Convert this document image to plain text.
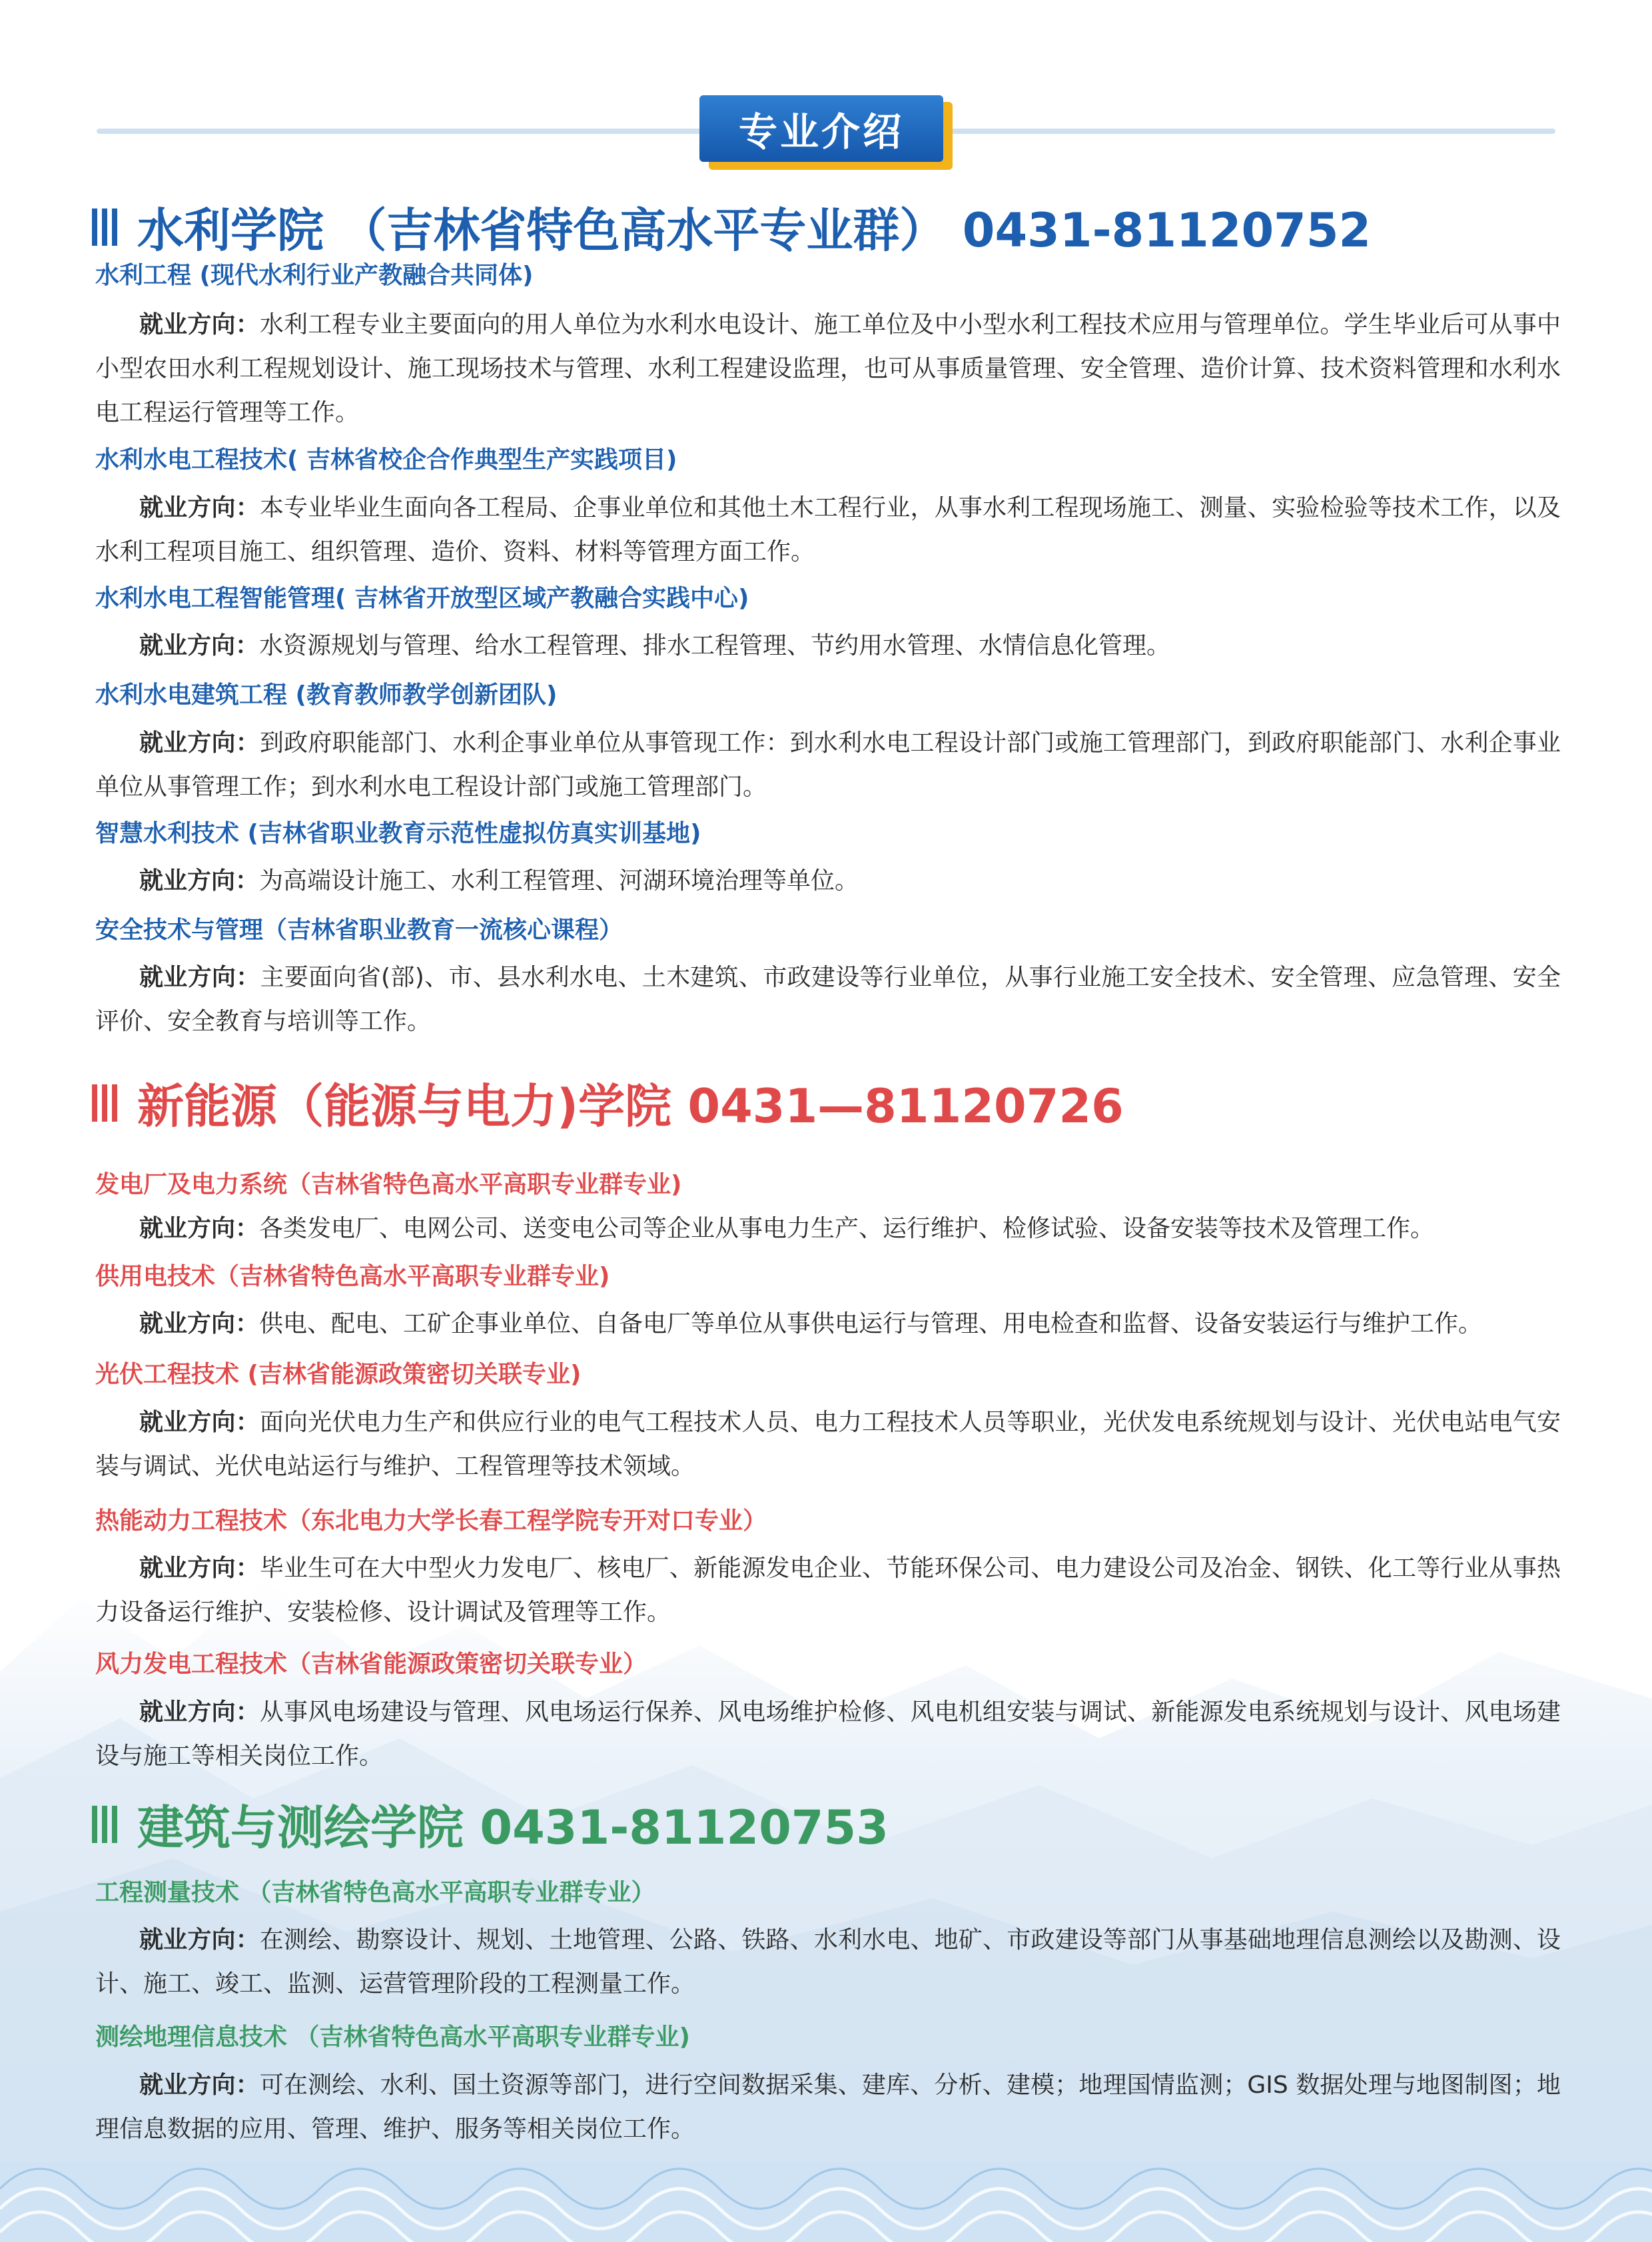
专业介绍
水利学院 （吉林省特色高水平专业群） 0431-81120752
水利工程 (现代水利行业产教融合共同体)
就业方向：水利工程专业主要面向的用人单位为水利水电设计、施工单位及中小型水利工程技术应用与管理单位。学生毕业后可从事中小型农田水利工程规划设计、施工现场技术与管理、水利工程建设监理，也可从事质量管理、安全管理、造价计算、技术资料管理和水利水电工程运行管理等工作。
水利水电工程技术( 吉林省校企合作典型生产实践项目)
就业方向：本专业毕业生面向各工程局、企事业单位和其他土木工程行业，从事水利工程现场施工、测量、实验检验等技术工作，以及水利工程项目施工、组织管理、造价、资料、材料等管理方面工作。
水利水电工程智能管理( 吉林省开放型区域产教融合实践中心)
就业方向：水资源规划与管理、给水工程管理、排水工程管理、节约用水管理、水情信息化管理。
水利水电建筑工程 (教育教师教学创新团队)
就业方向：到政府职能部门、水利企事业单位从事管现工作：到水利水电工程设计部门或施工管理部门，到政府职能部门、水利企事业单位从事管理工作；到水利水电工程设计部门或施工管理部门。
智慧水利技术 (吉林省职业教育示范性虚拟仿真实训基地)
就业方向：为高端设计施工、水利工程管理、河湖环境治理等单位。
安全技术与管理（吉林省职业教育一流核心课程）
就业方向：主要面向省(部)、市、县水利水电、土木建筑、市政建设等行业单位，从事行业施工安全技术、安全管理、应急管理、安全评价、安全教育与培训等工作。
新能源（能源与电力)学院 0431—81120726
发电厂及电力系统（吉林省特色高水平高职专业群专业)
就业方向：各类发电厂、电网公司、送变电公司等企业从事电力生产、运行维护、检修试验、设备安装等技术及管理工作。
供用电技术（吉林省特色高水平高职专业群专业)
就业方向：供电、配电、工矿企事业单位、自备电厂等单位从事供电运行与管理、用电检查和监督、设备安装运行与维护工作。
光伏工程技术 (吉林省能源政策密切关联专业)
就业方向：面向光伏电力生产和供应行业的电气工程技术人员、电力工程技术人员等职业，光伏发电系统规划与设计、光伏电站电气安装与调试、光伏电站运行与维护、工程管理等技术领域。
热能动力工程技术（东北电力大学长春工程学院专开对口专业）
就业方向：毕业生可在大中型火力发电厂、核电厂、新能源发电企业、节能环保公司、电力建设公司及冶金、钢铁、化工等行业从事热力设备运行维护、安装检修、设计调试及管理等工作。
风力发电工程技术（吉林省能源政策密切关联专业）
就业方向：从事风电场建设与管理、风电场运行保养、风电场维护检修、风电机组安装与调试、新能源发电系统规划与设计、风电场建设与施工等相关岗位工作。
建筑与测绘学院 0431-81120753
工程测量技术 （吉林省特色高水平高职专业群专业）
就业方向：在测绘、勘察设计、规划、土地管理、公路、铁路、水利水电、地矿、市政建设等部门从事基础地理信息测绘以及勘测、设计、施工、竣工、监测、运营管理阶段的工程测量工作。
测绘地理信息技术 （吉林省特色高水平高职专业群专业)
就业方向：可在测绘、水利、国土资源等部门，进行空间数据采集、建库、分析、建模；地理国情监测；GIS 数据处理与地图制图；地理信息数据的应用、管理、维护、服务等相关岗位工作。
